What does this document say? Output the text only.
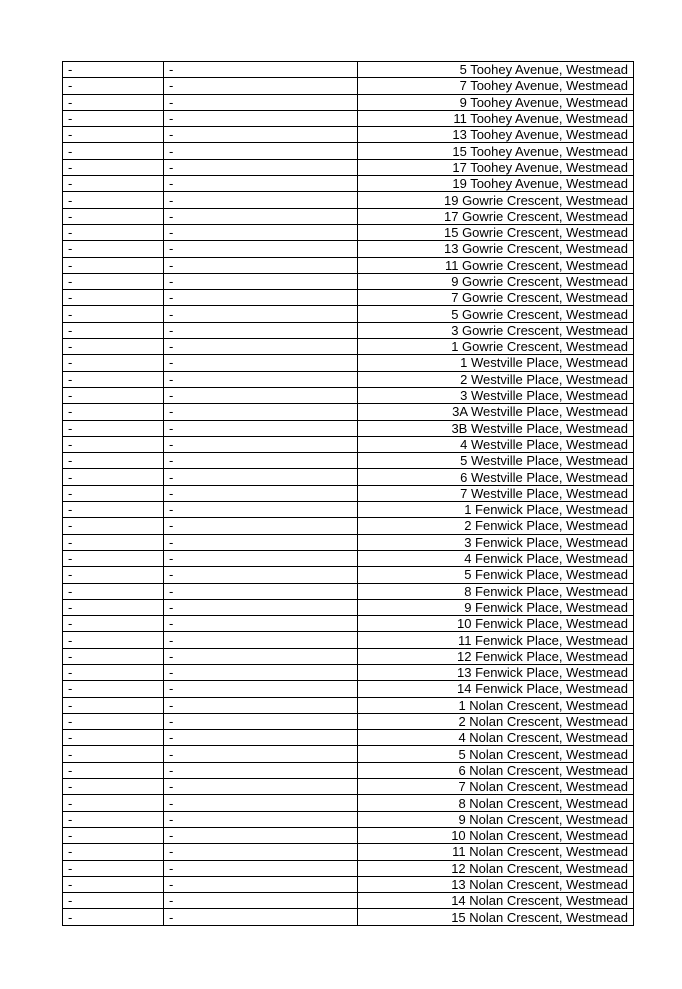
-	-	5 Toohey Avenue, Westmead
-	-	7 Toohey Avenue, Westmead
-	-	9 Toohey Avenue, Westmead
-	-	11 Toohey Avenue, Westmead
-	-	13 Toohey Avenue, Westmead
-	-	15 Toohey Avenue, Westmead
-	-	17 Toohey Avenue, Westmead
-	-	19 Toohey Avenue, Westmead
-	-	19 Gowrie Crescent, Westmead
-	-	17 Gowrie Crescent, Westmead
-	-	15 Gowrie Crescent, Westmead
-	-	13 Gowrie Crescent, Westmead
-	-	11 Gowrie Crescent, Westmead
-	-	9 Gowrie Crescent, Westmead
-	-	7 Gowrie Crescent, Westmead
-	-	5 Gowrie Crescent, Westmead
-	-	3 Gowrie Crescent, Westmead
-	-	1 Gowrie Crescent, Westmead
-	-	1 Westville Place, Westmead
-	-	2 Westville Place, Westmead
-	-	3 Westville Place, Westmead
-	-	3A Westville Place, Westmead
-	-	3B Westville Place, Westmead
-	-	4 Westville Place, Westmead
-	-	5 Westville Place, Westmead
-	-	6 Westville Place, Westmead
-	-	7 Westville Place, Westmead
-	-	1 Fenwick Place, Westmead
-	-	2 Fenwick Place, Westmead
-	-	3 Fenwick Place, Westmead
-	-	4 Fenwick Place, Westmead
-	-	5 Fenwick Place, Westmead
-	-	8 Fenwick Place, Westmead
-	-	9 Fenwick Place, Westmead
-	-	10 Fenwick Place, Westmead
-	-	11 Fenwick Place, Westmead
-	-	12 Fenwick Place, Westmead
-	-	13 Fenwick Place, Westmead
-	-	14 Fenwick Place, Westmead
-	-	1 Nolan Crescent, Westmead
-	-	2 Nolan Crescent, Westmead
-	-	4 Nolan Crescent, Westmead
-	-	5 Nolan Crescent, Westmead
-	-	6 Nolan Crescent, Westmead
-	-	7 Nolan Crescent, Westmead
-	-	8 Nolan Crescent, Westmead
-	-	9 Nolan Crescent, Westmead
-	-	10 Nolan Crescent, Westmead
-	-	11 Nolan Crescent, Westmead
-	-	12 Nolan Crescent, Westmead
-	-	13 Nolan Crescent, Westmead
-	-	14 Nolan Crescent, Westmead
-	-	15 Nolan Crescent, Westmead
